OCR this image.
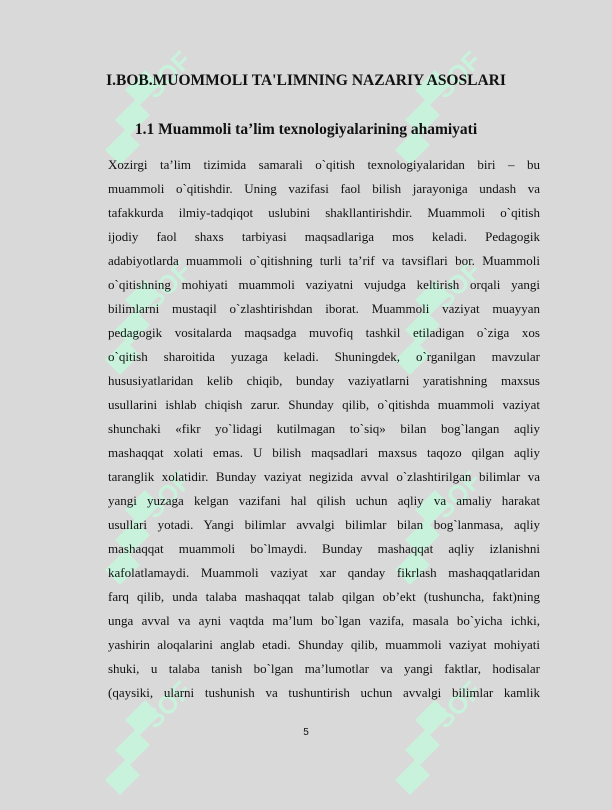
SOF	SOF
SOF	SOF
SOF	SOF
SOF	SOF
I.BOB.MUOMMOLI TA'LIMNING NAZARIY ASOSLARI
1.1 Muammoli ta’lim texnologiyalarining ahamiyati
Xozirgi ta’lim tizimida samarali o`qitish texnologiyalaridan biri – bu
muammoli o`qitishdir. Uning vazifasi faol bilish jarayoniga undash va
tafakkurda ilmiy-tadqiqot uslubini shakllantirishdir. Muammoli o`qitish
ijodiy faol shaxs tarbiyasi maqsadlariga mos keladi. Pedagogik
adabiyotlarda muammoli o`qitishning turli ta’rif va tavsiflari bor. Muammoli
o`qitishning mohiyati muammoli vaziyatni vujudga keltirish orqali yangi
bilimlarni mustaqil o`zlashtirishdan iborat. Muammoli vaziyat muayyan
pedagogik vositalarda maqsadga muvofiq tashkil etiladigan o`ziga xos
o`qitish sharoitida yuzaga keladi. Shuningdek, o`rganilgan mavzular
hususiyatlaridan kelib chiqib, bunday vaziyatlarni yaratishning maxsus
usullarini ishlab chiqish zarur. Shunday qilib, o`qitishda muammoli vaziyat
shunchaki «fikr yo`lidagi kutilmagan to`siq» bilan bog`langan aqliy
mashaqqat xolati emas. U bilish maqsadlari maxsus taqozo qilgan aqliy
taranglik xolatidir. Bunday vaziyat negizida avval o`zlashtirilgan bilimlar va
yangi yuzaga kelgan vazifani hal qilish uchun aqliy va amaliy harakat
usullari yotadi. Yangi bilimlar avvalgi bilimlar bilan bog`lanmasa, aqliy
mashaqqat muammoli bo`lmaydi. Bunday mashaqqat aqliy izlanishni
kafolatlamaydi. Muammoli vaziyat xar qanday fikrlash mashaqqatlaridan
farq qilib, unda talaba mashaqqat talab qilgan ob’ekt (tushuncha, fakt)ning
unga avval va ayni vaqtda ma’lum bo`lgan vazifa, masala bo`yicha ichki,
yashirin aloqalarini anglab etadi. Shunday qilib, muammoli vaziyat mohiyati
shuki, u talaba tanish bo`lgan ma’lumotlar va yangi faktlar, hodisalar
(qaysiki, ularni tushunish va tushuntirish uchun avvalgi bilimlar kamlik
5
